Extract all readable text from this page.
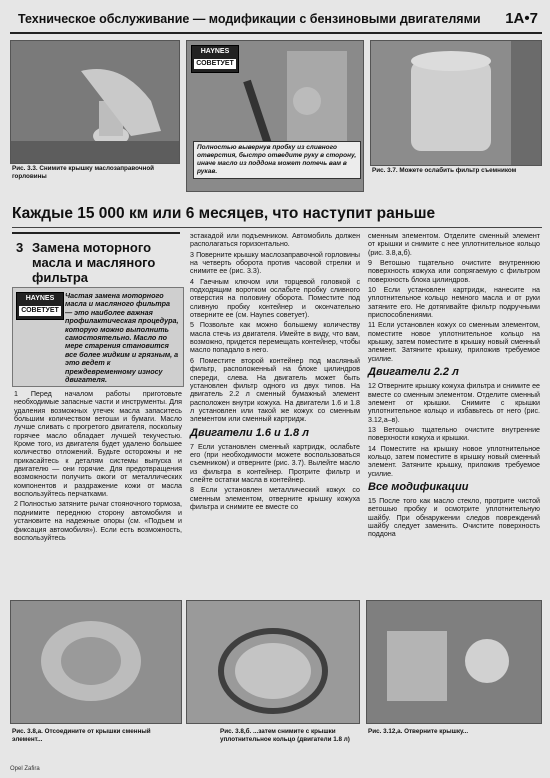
Техническое обслуживание — модификации с бензиновыми двигателями 1A•7
Рис. 3.3. Снимите крышку маслозаправочной горловины
HAYNES
СОВЕТУЕТ
Полностью вывернув пробку из сливного отверстия, быстро отведите руку в сторону, иначе масло из поддона может потечь вам в рукав.	Рис. 3.7. Можете ослабить фильтр съемником
Каждые 15 000 км или 6 месяцев, что наступит раньше
3 Замена моторного масла и масляного фильтра
HAYNES
СОВЕТУЕТ
Частая замена моторного масла и масляного фильтра — это наиболее важная профилактическая процедура, которую можно выполнить самостоятельно. Масло по мере старения становится все более жидким и грязным, а это ведет к преждевременному износу двигателя.

1 Перед началом работы приготовьте необходимые запасные части и инструменты. Для удаления возможных утечек масла запаситесь большим количеством ветоши и бумаги. Масло лучше сливать с прогретого двигателя, поскольку горячее масло обладает лучшей текучестью. Кроме того, из двигателя будет удалено большее количество отложений. Будьте осторожны и не прикасайтесь к деталям системы выпуска и двигателю — они горячие. Для предотвращения возможности получить ожоги от металлических компонентов и раздражение кожи от масла воспользуйтесь перчатками.

2 Полностью затяните рычаг стояночного тормоза, поднимите переднюю сторону автомобиля и установите на надежные опоры (см. «Подъем и фиксация автомобиля»). Если есть возможность, воспользуйтесь

эстакадой или подъемником. Автомобиль должен располагаться горизонтально.

3 Поверните крышку маслозаправочной горловины на четверть оборота против часовой стрелки и снимите ее (рис. 3.3).

4 Гаечным ключом или торцевой головкой с подходящим воротком ослабьте пробку сливного отверстия на половину оборота. Поместите под сливную пробку контейнер и окончательно отверните ее (см. Haynes советует).

5 Позвольте как можно большему количеству масла стечь из двигателя. Имейте в виду, что вам, возможно, придется перемещать контейнер, чтобы масло попадало в него.

6 Поместите второй контейнер под масляный фильтр, расположенный на блоке цилиндров спереди, слева. На двигатель может быть установлен фильтр одного из двух типов. На двигатель 2.2 л сменный бумажный элемент расположен внутри кожуха. На двигатели 1.6 и 1.8 л установлен или такой же кожух со сменным элементом или сменный картридж.

Двигатели 1.6 и 1.8 л

7 Если установлен сменный картридж, ослабьте его (при необходимости можете воспользоваться съемником) и отверните (рис. 3.7). Вылейте масло из фильтра в контейнер. Протрите фильтр и слейте остатки масла в контейнер.

8 Если установлен металлический кожух со сменным элементом, отверните крышку кожуха фильтра и снимите ее вместе со

сменным элементом. Отделите сменный элемент от крышки и снимите с нее уплотнительное кольцо (рис. 3.8,а,б).

9 Ветошью тщательно очистите внутреннюю поверхность кожуха или сопрягаемую с фильтром поверхность блока цилиндров.

10 Если установлен картридж, нанесите на уплотнительное кольцо немного масла и от руки затяните его. Не дотягивайте фильтр подручными приспособлениями.

11 Если установлен кожух со сменным элементом, поместите новое уплотнительное кольцо на крышку, затем поместите в крышку новый сменный элемент. Затяните крышку, приложив требуемое усилие.

Двигатели 2.2 л

12 Отверните крышку кожуха фильтра и снимите ее вместе со сменным элементом. Отделите сменный элемент от крышки. Снимите с крышки уплотнительное кольцо и избавьтесь от него (рис. 3.12,а–в).

13 Ветошью тщательно очистите внутренние поверхности кожуха и крышки.

14 Поместите на крышку новое уплотнительное кольцо, затем поместите в крышку новый сменный элемент. Затяните крышку, приложив требуемое усилие.

Все модификации

15 После того как масло стекло, протрите чистой ветошью пробку и осмотрите уплотнительную шайбу. При обнаружении следов повреждений шайбу следует заменить. Очистите поверхность поддона

Рис. 3.8,а. Отсоедините от крышки сменный элемент...
Рис. 3.8,б. ...затем снимите с крышки уплотнительное кольцо (двигатели 1.8 л)
Рис. 3.12,а. Отверните крышку...
Opel Zafira
